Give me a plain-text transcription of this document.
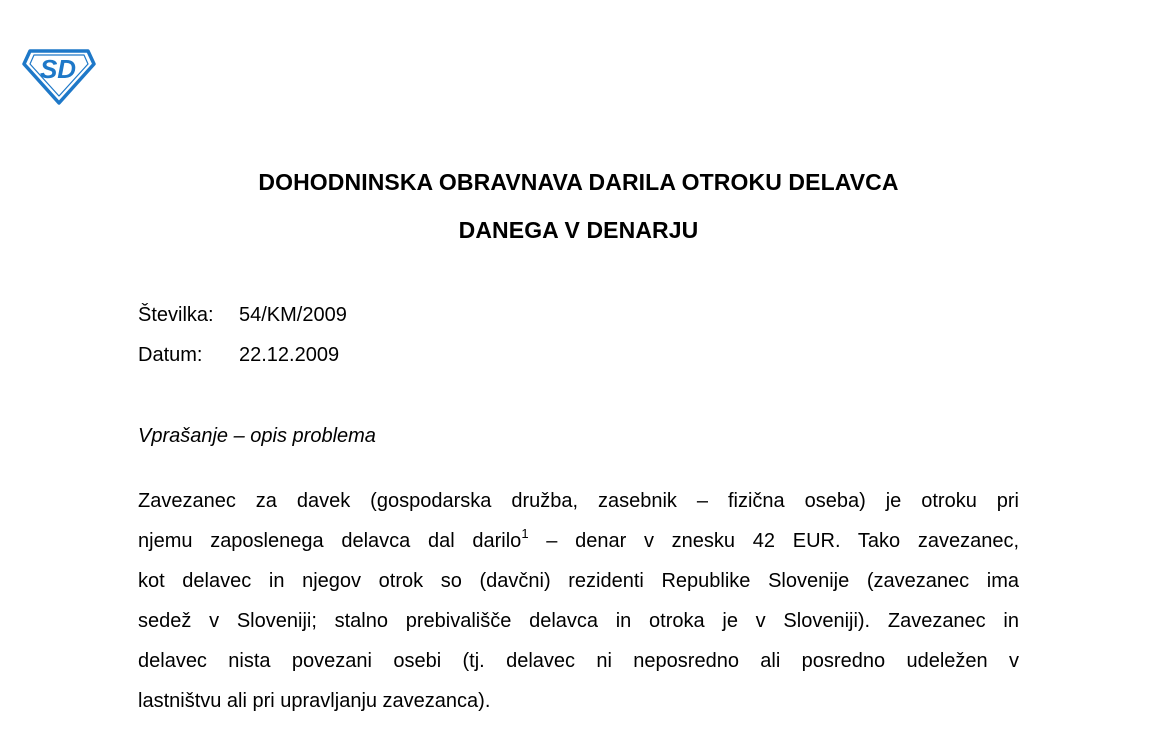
SD
DOHODNINSKA OBRAVNAVA DARILA OTROKU DELAVCA
DANEGA V DENARJU
Številka: 54/KM/2009
Datum: 22.12.2009
Vprašanje – opis problema
Zavezanec za davek (gospodarska družba, zasebnik – fizična oseba) je otroku pri
njemu zaposlenega delavca dal darilo$^1$ – denar v znesku 42 EUR. Tako zavezanec,
kot delavec in njegov otrok so (davčni) rezidenti Republike Slovenije (zavezanec ima
sedež v Sloveniji; stalno prebivališče delavca in otroka je v Sloveniji). Zavezanec in
delavec nista povezani osebi (tj. delavec ni neposredno ali posredno udeležen v
lastništvu ali pri upravljanju zavezanca).
